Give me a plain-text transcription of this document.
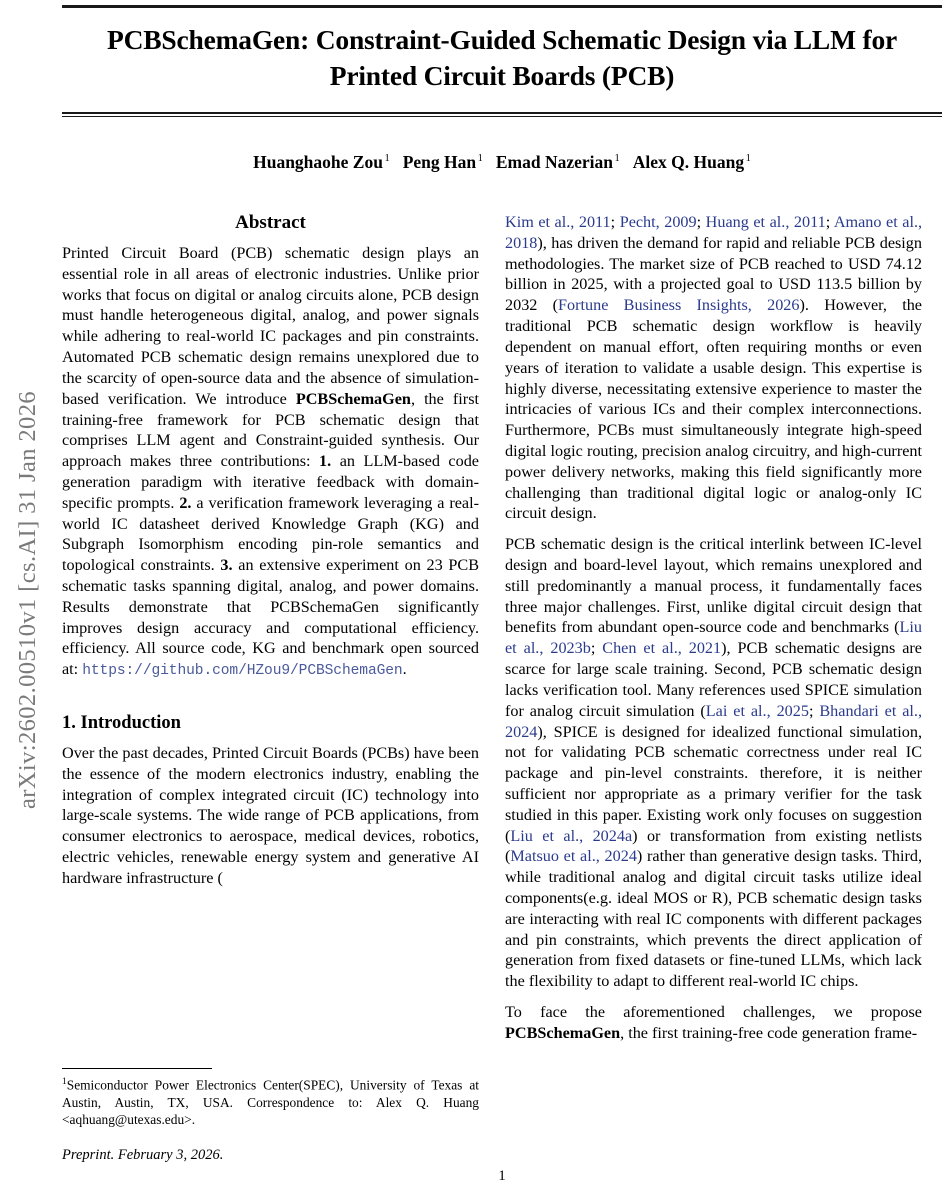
arXiv:2602.00510v1 [cs.AI] 31 Jan 2026
PCBSchemaGen: Constraint-Guided Schematic Design via LLM for Printed Circuit Boards (PCB)
Huanghaohe Zou $^1$ Peng Han $^1$ Emad Nazerian $^1$ Alex Q. Huang $^1$
Abstract

Printed Circuit Board (PCB) schematic design plays an essential role in all areas of electronic industries. Unlike prior works that focus on digital or analog circuits alone, PCB design must handle heterogeneous digital, analog, and power signals while adhering to real-world IC packages and pin constraints. Automated PCB schematic design remains unexplored due to the scarcity of open-source data and the absence of simulation-based verification. We introduce PCBSchemaGen, the first training-free framework for PCB schematic design that comprises LLM agent and Constraint-guided synthesis. Our approach makes three contributions: 1. an LLM-based code generation paradigm with iterative feedback with domain-specific prompts. 2. a verification framework leveraging a real-world IC datasheet derived Knowledge Graph (KG) and Subgraph Isomorphism encoding pin-role semantics and topological constraints. 3. an extensive experiment on 23 PCB schematic tasks spanning digital, analog, and power domains. Results demonstrate that PCBSchemaGen significantly improves design accuracy and computational efficiency. efficiency. All source code, KG and benchmark open sourced at: https://github.com/HZou9/PCBSchemaGen.

1. Introduction

Over the past decades, Printed Circuit Boards (PCBs) have been the essence of the modern electronics industry, enabling the integration of complex integrated circuit (IC) technology into large-scale systems. The wide range of PCB applications, from consumer electronics to aerospace, medical devices, robotics, electric vehicles, renewable energy system and generative AI hardware infrastructure (

Kim et al., 2011; Pecht, 2009; Huang et al., 2011; Amano et al., 2018), has driven the demand for rapid and reliable PCB design methodologies. The market size of PCB reached to USD 74.12 billion in 2025, with a projected goal to USD 113.5 billion by 2032 (Fortune Business Insights, 2026). However, the traditional PCB schematic design workflow is heavily dependent on manual effort, often requiring months or even years of iteration to validate a usable design. This expertise is highly diverse, necessitating extensive experience to master the intricacies of various ICs and their complex interconnections. Furthermore, PCBs must simultaneously integrate high-speed digital logic routing, precision analog circuitry, and high-current power delivery networks, making this field significantly more challenging than traditional digital logic or analog-only IC circuit design.

PCB schematic design is the critical interlink between IC-level design and board-level layout, which remains unexplored and still predominantly a manual process, it fundamentally faces three major challenges. First, unlike digital circuit design that benefits from abundant open-source code and benchmarks (Liu et al., 2023b; Chen et al., 2021), PCB schematic designs are scarce for large scale training. Second, PCB schematic design lacks verification tool. Many references used SPICE simulation for analog circuit simulation (Lai et al., 2025; Bhandari et al., 2024), SPICE is designed for idealized functional simulation, not for validating PCB schematic correctness under real IC package and pin-level constraints. therefore, it is neither sufficient nor appropriate as a primary verifier for the task studied in this paper. Existing work only focuses on suggestion (Liu et al., 2024a) or transformation from existing netlists (Matsuo et al., 2024) rather than generative design tasks. Third, while traditional analog and digital circuit tasks utilize ideal components(e.g. ideal MOS or R), PCB schematic design tasks are interacting with real IC components with different packages and pin constraints, which prevents the direct application of generation from fixed datasets or fine-tuned LLMs, which lack the flexibility to adapt to different real-world IC chips.

To face the aforementioned challenges, we propose PCBSchemaGen, the first training-free code generation frame-

$^1$Semiconductor Power Electronics Center(SPEC), University of Texas at Austin, Austin, TX, USA. Correspondence to: Alex Q. Huang <aqhuang@utexas.edu>.

Preprint. February 3, 2026.

1
